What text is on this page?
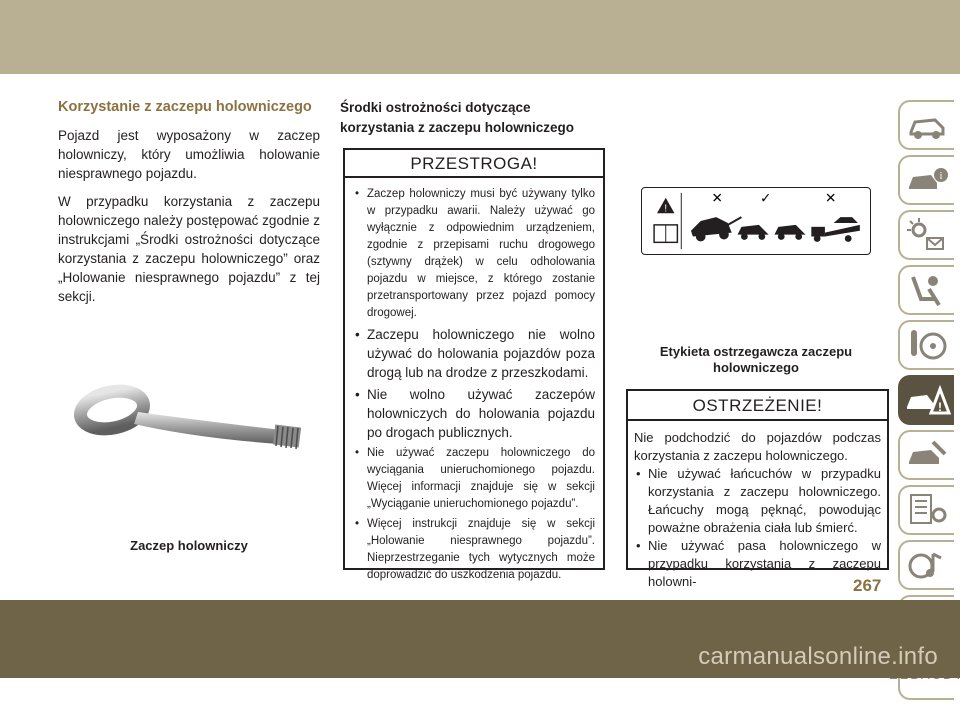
Korzystanie z zaczepu holowniczego

Pojazd jest wyposażony w zaczep holowniczy, który umożliwia holowanie niesprawnego pojazdu.

W przypadku korzystania z zaczepu holowniczego należy postępować zgodnie z instrukcjami „Środki ostrożności dotyczące korzystania z zaczepu holowniczego” oraz „Holowanie niesprawnego pojazdu” z tej sekcji.

Zaczep holowniczy
Środki ostrożności dotyczące korzystania z zaczepu holowniczego
PRZESTROGA!
• Zaczep holowniczy musi być używany tylko w przypadku awarii. Należy używać go wyłącznie z odpowiednim urządzeniem, zgodnie z przepisami ruchu drogowego (sztywny drążek) w celu odholowania pojazdu w miejsce, z którego zostanie przetransportowany przez pojazd pomocy drogowej.
• Zaczepu holowniczego nie wolno używać do holowania pojazdów poza drogą lub na drodze z przeszkodami.
• Nie wolno używać zaczepów holowniczych do holowania pojazdu po drogach publicznych.
• Nie używać zaczepu holowniczego do wyciągania unieruchomionego pojazdu. Więcej informacji znajduje się w sekcji „Wyciąganie unieruchomionego pojazdu”.
• Więcej instrukcji znajduje się w sekcji „Holowanie niesprawnego pojazdu”. Nieprzestrzeganie tych wytycznych może doprowadzić do uszkodzenia pojazdu.
!
✕	✓	✕
Etykieta ostrzegawcza zaczepu
holowniczego
OSTRZEŻENIE!

Nie podchodzić do pojazdów podczas korzystania z zaczepu holowniczego.

• Nie używać łańcuchów w przypadku korzystania z zaczepu holowniczego. Łańcuchy mogą pęknąć, powodując poważne obrażenia ciała lub śmierć.
• Nie używać pasa holowniczego w przypadku korzystania z zaczepu holowni-
i
!
267
carmanualsonline.info
